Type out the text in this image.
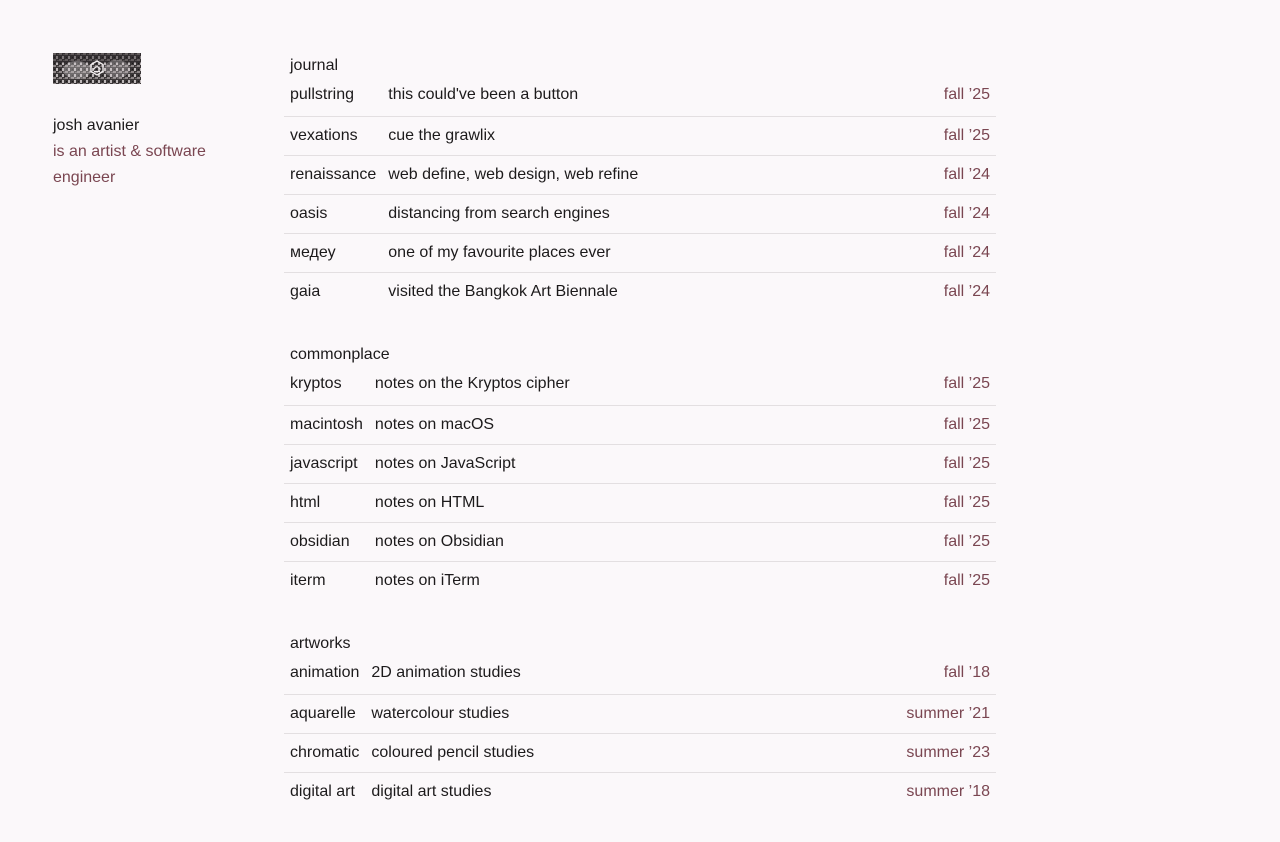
josh avanier
is an artist & software engineer
journal
pullstring	this could've been a button	fall ’25
vexations	cue the grawlix	fall ’25
renaissance	web define, web design, web refine	fall ’24
oasis	distancing from search engines	fall ’24
медеу	one of my favourite places ever	fall ’24
gaia	visited the Bangkok Art Biennale	fall ’24
commonplace
kryptos	notes on the Kryptos cipher	fall ’25
macintosh	notes on macOS	fall ’25
javascript	notes on JavaScript	fall ’25
html	notes on HTML	fall ’25
obsidian	notes on Obsidian	fall ’25
iterm	notes on iTerm	fall ’25
artworks
animation	2D animation studies	fall ’18
aquarelle	watercolour studies	summer ’21
chromatic	coloured pencil studies	summer ’23
digital art	digital art studies	summer ’18
